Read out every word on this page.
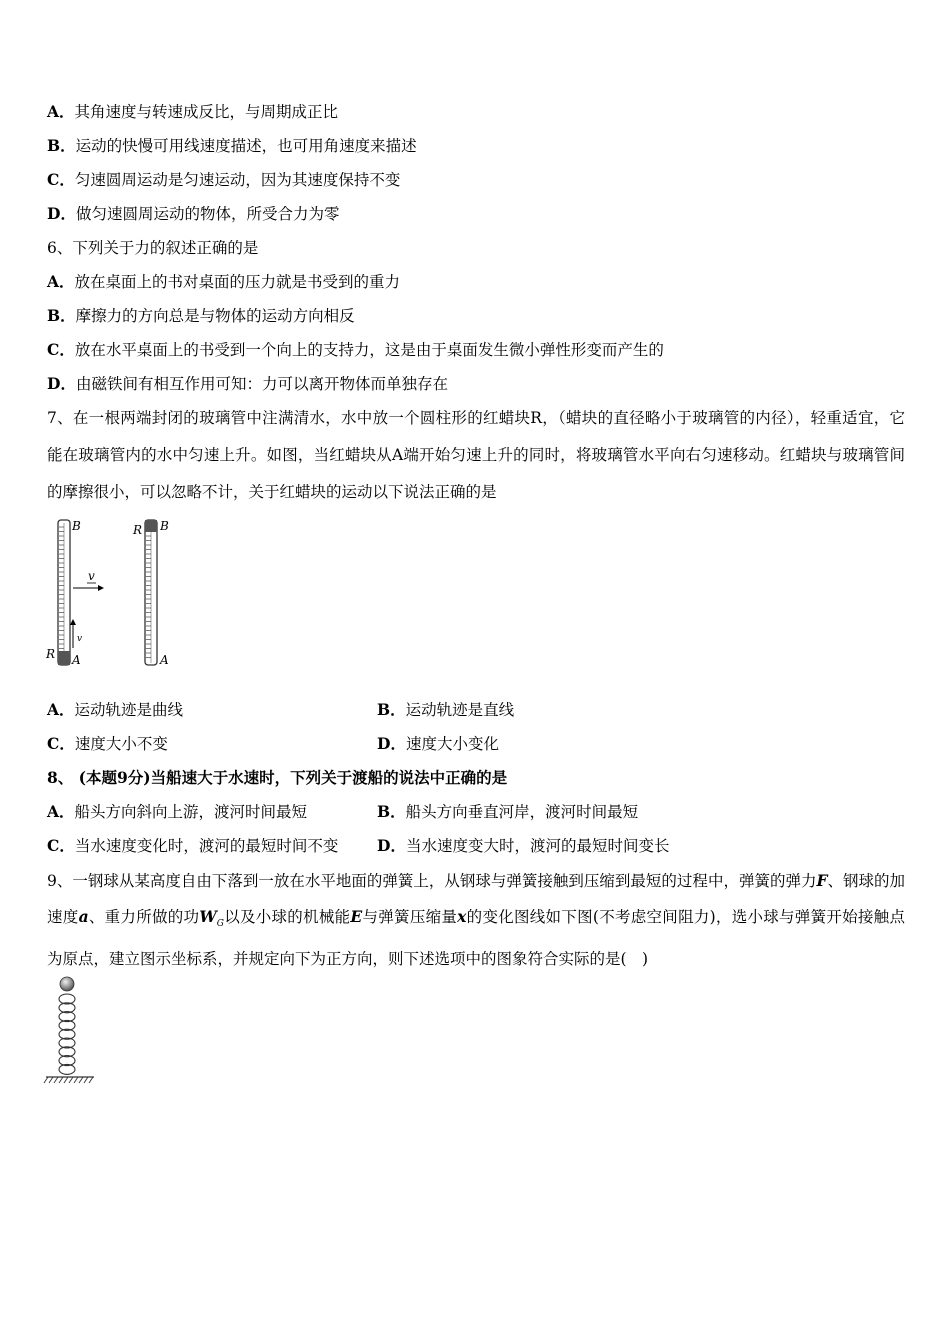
A．其角速度与转速成反比，与周期成正比
B．运动的快慢可用线速度描述，也可用角速度来描述
C．匀速圆周运动是匀速运动，因为其速度保持不变
D．做匀速圆周运动的物体，所受合力为零
6、下列关于力的叙述正确的是
A．放在桌面上的书对桌面的压力就是书受到的重力
B．摩擦力的方向总是与物体的运动方向相反
C．放在水平桌面上的书受到一个向上的支持力，这是由于桌面发生微小弹性形变而产生的
D．由磁铁间有相互作用可知：力可以离开物体而单独存在
7、在一根两端封闭的玻璃管中注满清水，水中放一个圆柱形的红蜡块R，（蜡块的直径略小于玻璃管的内径），轻重适宜，它能在玻璃管内的水中匀速上升。如图，当红蜡块从A端开始匀速上升的同时，将玻璃管水平向右匀速移动。红蜡块与玻璃管间的摩擦很小，可以忽略不计，关于红蜡块的运动以下说法正确的是
B
A
R
v
v
B
A
R
A．运动轨迹是曲线	B．运动轨迹是直线
C．速度大小不变	D．速度大小变化
8、 (本题9分)当船速大于水速时，下列关于渡船的说法中正确的是
A．船头方向斜向上游，渡河时间最短	B．船头方向垂直河岸，渡河时间最短
C．当水速度变化时，渡河的最短时间不变 D．当水速度变大时，渡河的最短时间变长
9、一钢球从某高度自由下落到一放在水平地面的弹簧上，从钢球与弹簧接触到压缩到最短的过程中，弹簧的弹力F、钢球的加速度a、重力所做的功$W_G$以及小球的机械能E与弹簧压缩量x的变化图线如下图(不考虑空间阻力)，选小球与弹簧开始接触点为原点，建立图示坐标系，并规定向下为正方向，则下述选项中的图象符合实际的是(　)
